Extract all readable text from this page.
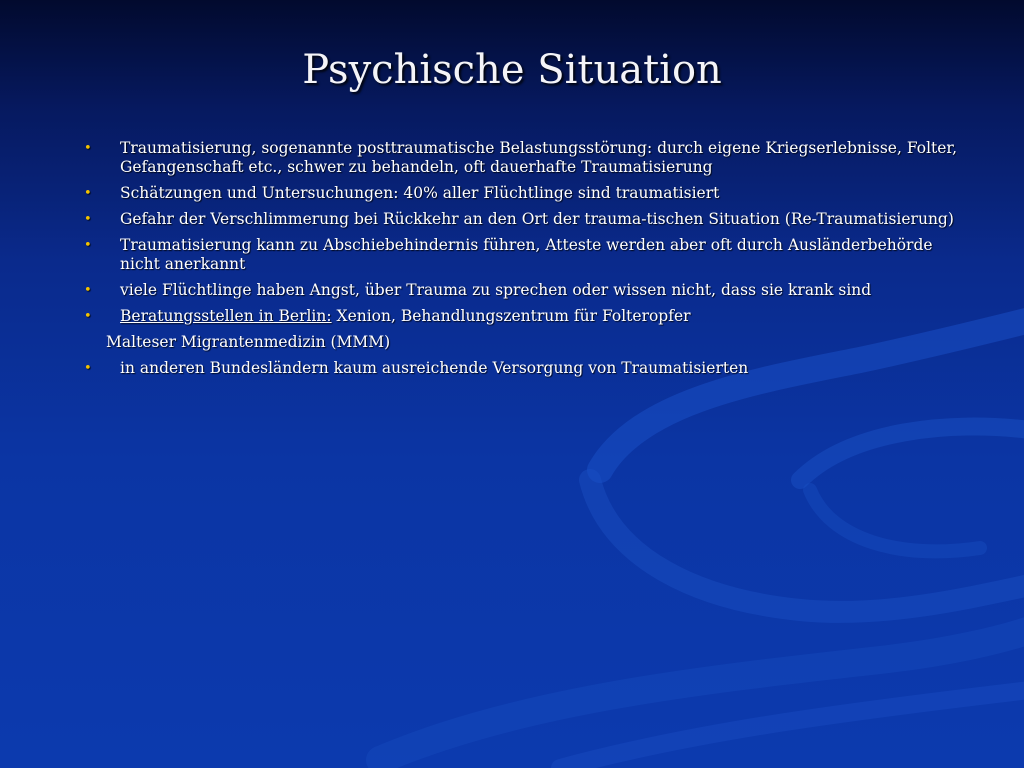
Psychische Situation
• Traumatisierung, sogenannte posttraumatische Belastungsstörung: durch eigene Kriegserlebnisse, Folter, Gefangenschaft etc., schwer zu behandeln, oft dauerhafte Traumatisierung
• Schätzungen und Untersuchungen: 40% aller Flüchtlinge sind traumatisiert
• Gefahr der Verschlimmerung bei Rückkehr an den Ort der trauma-tischen Situation (Re-Traumatisierung)
• Traumatisierung kann zu Abschiebehindernis führen, Atteste werden aber oft durch Ausländerbehörde nicht anerkannt
• viele Flüchtlinge haben Angst, über Trauma zu sprechen oder wissen nicht, dass sie krank sind
• Beratungsstellen in Berlin: Xenion, Behandlungszentrum für Folteropfer
Malteser Migrantenmedizin (MMM)
• in anderen Bundesländern kaum ausreichende Versorgung von Traumatisierten
